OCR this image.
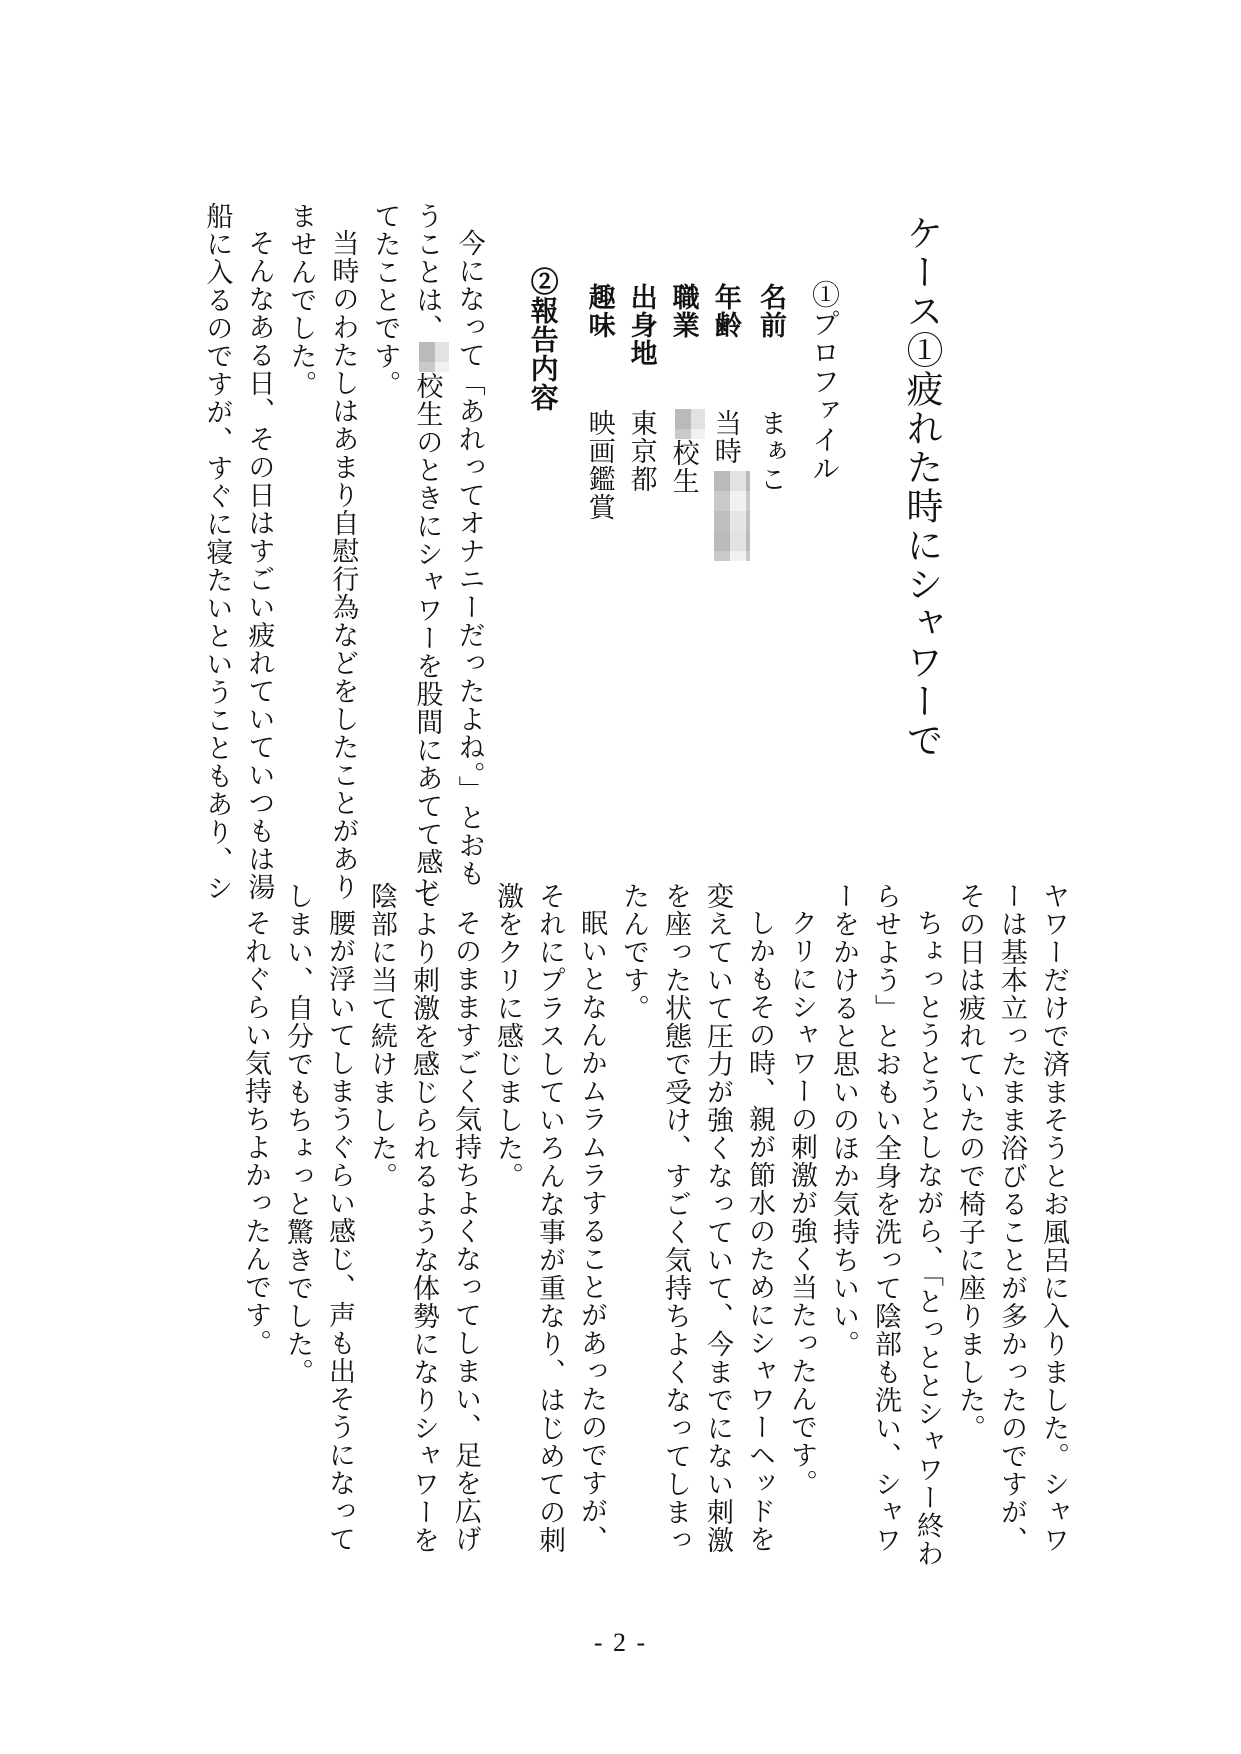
ケース①疲れた時にシャワーで
①プロファイル
名前まぁこ
年齢当時
職業校生
出身地東京都
趣味映画鑑賞
②報告内容

今になって「あれってオナニーだったよね。」とおもうことは、校生のときにシャワーを股間にあてて感じてたことです。

当時のわたしはあまり自慰行為などをしたことがありませんでした。

そんなある日、その日はすごい疲れていていつもは湯船に入るのですが、すぐに寝たいということもあり、シ

ヤワーだけで済まそうとお風呂に入りました。シャワーは基本立ったまま浴びることが多かったのですが、その日は疲れていたので椅子に座りました。

ちょっとうとうとしながら、「とっととシャワー終わらせよう」とおもい全身を洗って陰部も洗い、シャワーをかけると思いのほか気持ちいい。

クリにシャワーの刺激が強く当たったんです。

しかもその時、親が節水のためにシャワーヘッドを変えていて圧力が強くなっていて、今までにない刺激を座った状態で受け、すごく気持ちよくなってしまったんです。

眠いとなんかムラムラすることがあったのですが、それにプラスしていろんな事が重なり、はじめての刺激をクリに感じました。

そのまますごく気持ちよくなってしまい、足を広げてより刺激を感じられるような体勢になりシャワーを陰部に当て続けました。

腰が浮いてしまうぐらい感じ、声も出そうになってしまい、自分でもちょっと驚きでした。

それぐらい気持ちよかったんです。

- 2 -
